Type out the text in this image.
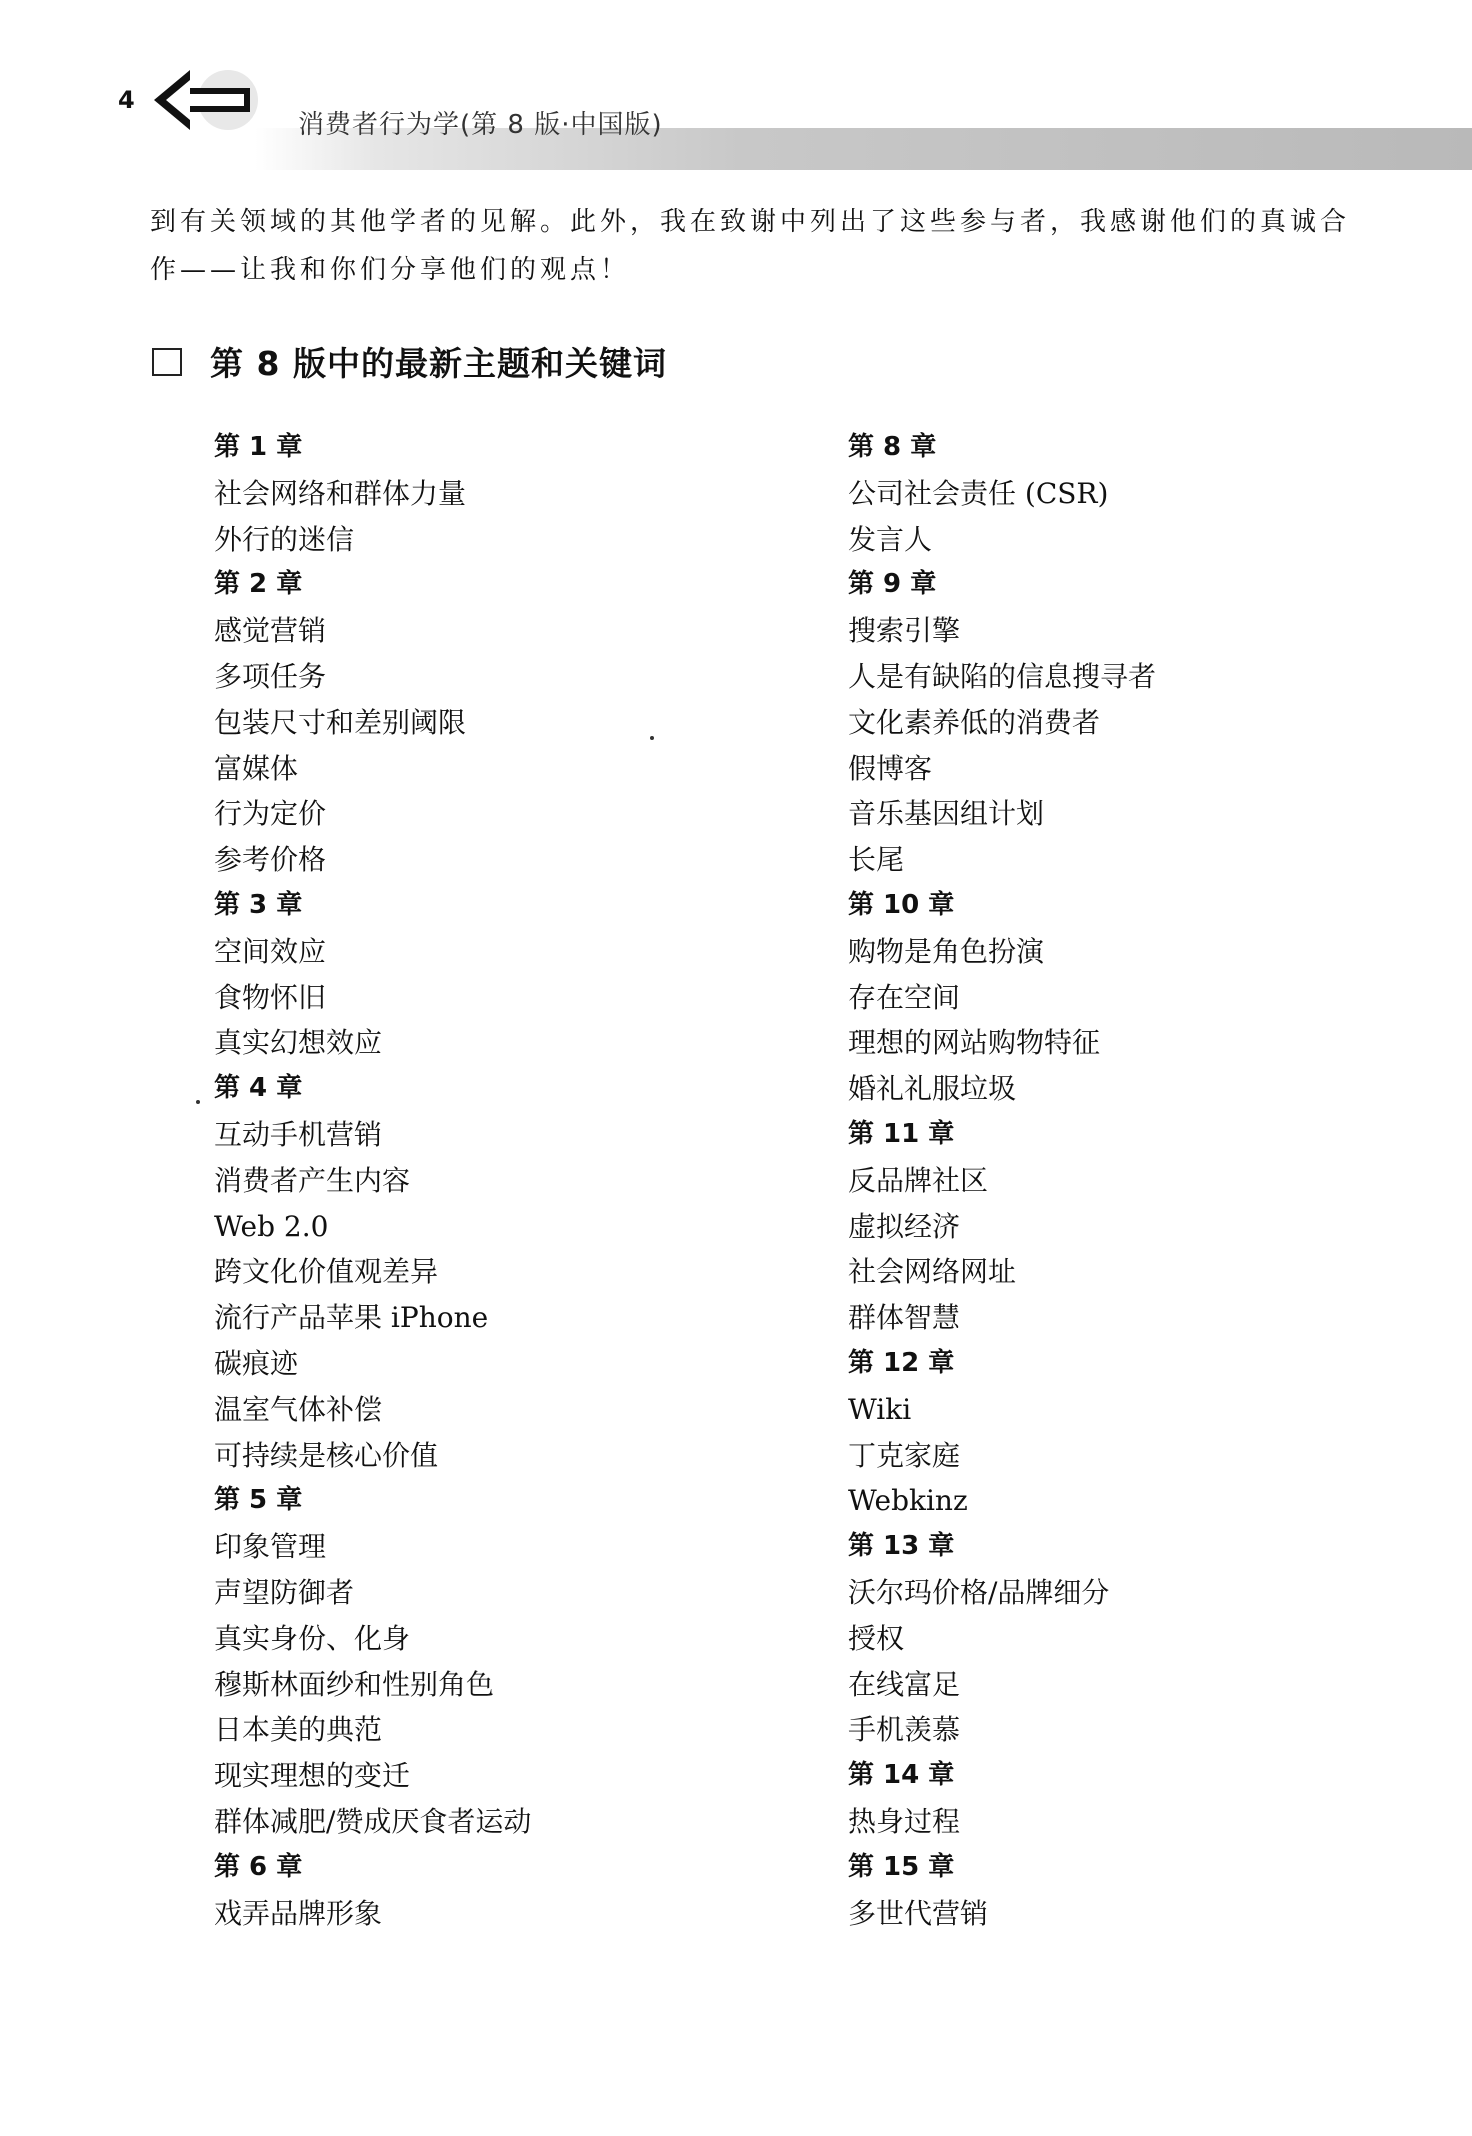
4
消费者行为学(第 8 版·中国版)

到有关领域的其他学者的见解。此外，我在致谢中列出了这些参与者，我感谢他们的真诚合

作——让我和你们分享他们的观点！

第 8 版中的最新主题和关键词
第 1 章
社会网络和群体力量
外行的迷信
第 2 章
感觉营销
多项任务
包装尺寸和差别阈限
富媒体
行为定价
参考价格
第 3 章
空间效应
食物怀旧
真实幻想效应
第 4 章
互动手机营销
消费者产生内容
Web 2.0
跨文化价值观差异
流行产品苹果 iPhone
碳痕迹
温室气体补偿
可持续是核心价值
第 5 章
印象管理
声望防御者
真实身份、化身
穆斯林面纱和性别角色
日本美的典范
现实理想的变迁
群体减肥/赞成厌食者运动
第 6 章
戏弄品牌形象
第 8 章
公司社会责任 (CSR)
发言人
第 9 章
搜索引擎
人是有缺陷的信息搜寻者
文化素养低的消费者
假博客
音乐基因组计划
长尾
第 10 章
购物是角色扮演
存在空间
理想的网站购物特征
婚礼礼服垃圾
第 11 章
反品牌社区
虚拟经济
社会网络网址
群体智慧
第 12 章
Wiki
丁克家庭
Webkinz
第 13 章
沃尔玛价格/品牌细分
授权
在线富足
手机羡慕
第 14 章
热身过程
第 15 章
多世代营销
